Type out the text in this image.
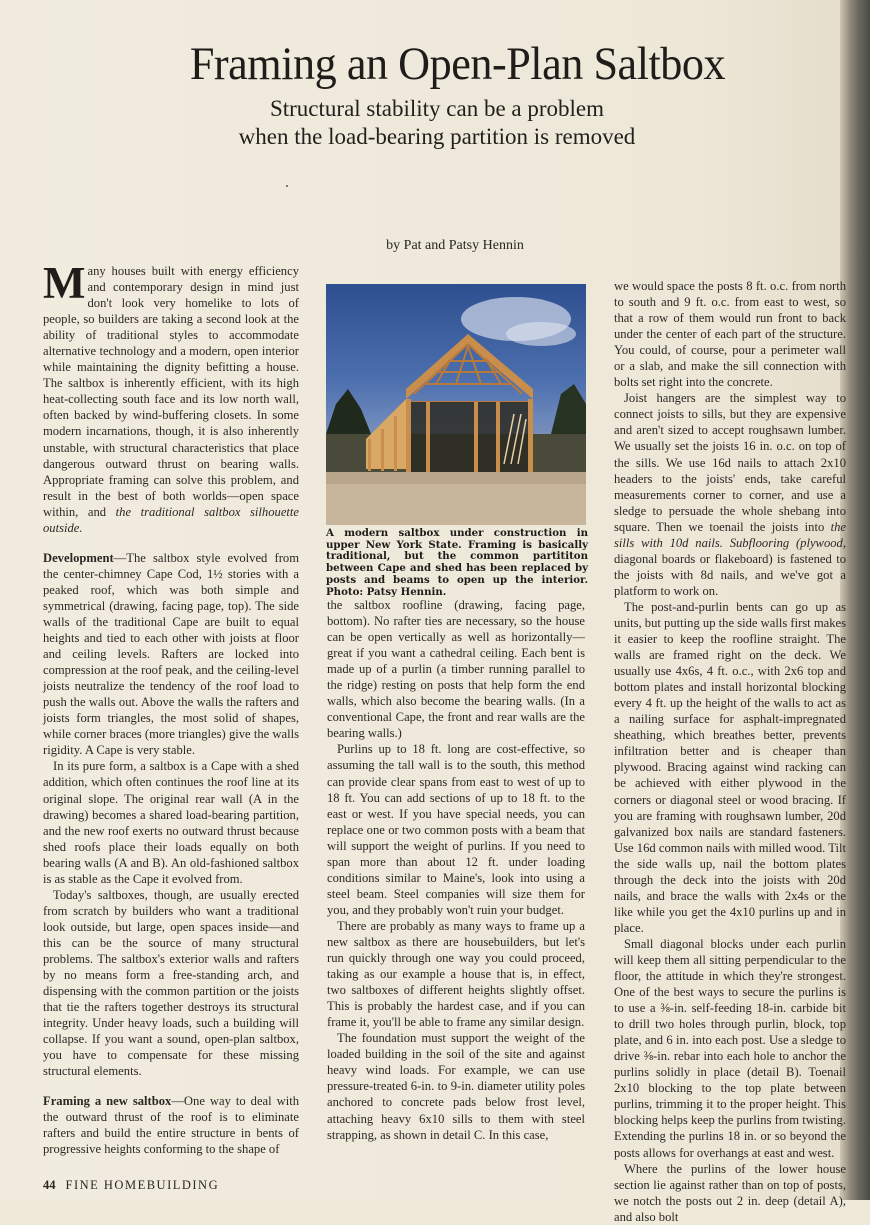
Framing an Open-Plan Saltbox
Structural stability can be a problem
when the load-bearing partition is removed
by Pat and Patsy Hennin

Many houses built with energy efficiency and contemporary design in mind just don't look very homelike to lots of people, so builders are taking a second look at the ability of traditional styles to accommodate alternative technology and a modern, open interior while maintaining the dignity befitting a house. The saltbox is inherently efficient, with its high heat-collecting south face and its low north wall, often backed by wind-buffering closets. In some modern incarnations, though, it is also inherently unstable, with structural characteristics that place dangerous outward thrust on bearing walls. Appropriate framing can solve this problem, and result in the best of both worlds—open space within, and the traditional saltbox silhouette outside.

Development—The saltbox style evolved from the center-chimney Cape Cod, 1½ stories with a peaked roof, which was both simple and symmetrical (drawing, facing page, top). The side walls of the traditional Cape are built to equal heights and tied to each other with joists at floor and ceiling levels. Rafters are locked into compression at the roof peak, and the ceiling-level joists neutralize the tendency of the roof load to push the walls out. Above the walls the rafters and joists form triangles, the most solid of shapes, while corner braces (more triangles) give the walls rigidity. A Cape is very stable.

In its pure form, a saltbox is a Cape with a shed addition, which often continues the roof line at its original slope. The original rear wall (A in the drawing) becomes a shared load-bearing partition, and the new roof exerts no outward thrust because shed roofs place their loads equally on both bearing walls (A and B). An old-fashioned saltbox is as stable as the Cape it evolved from.

Today's saltboxes, though, are usually erected from scratch by builders who want a traditional look outside, but large, open spaces inside—and this can be the source of many structural problems. The saltbox's exterior walls and rafters by no means form a free-standing arch, and dispensing with the common partition or the joists that tie the rafters together destroys its structural integrity. Under heavy loads, such a building will collapse. If you want a sound, open-plan saltbox, you have to compensate for these missing structural elements.

Framing a new saltbox—One way to deal with the outward thrust of the roof is to eliminate rafters and build the entire structure in bents of progressive heights conforming to the shape of

A modern saltbox under construction in upper New York State. Framing is basically traditional, but the common partititon between Cape and shed has been replaced by posts and beams to open up the interior. Photo: Patsy Hennin.

the saltbox roofline (drawing, facing page, bottom). No rafter ties are necessary, so the house can be open vertically as well as horizontally—great if you want a cathedral ceiling. Each bent is made up of a purlin (a timber running parallel to the ridge) resting on posts that help form the end walls, which also become the bearing walls. (In a conventional Cape, the front and rear walls are the bearing walls.)

Purlins up to 18 ft. long are cost-effective, so assuming the tall wall is to the south, this method can provide clear spans from east to west of up to 18 ft. You can add sections of up to 18 ft. to the east or west. If you have special needs, you can replace one or two common posts with a beam that will support the weight of purlins. If you need to span more than about 12 ft. under loading conditions similar to Maine's, look into using a steel beam. Steel companies will size them for you, and they probably won't ruin your budget.

There are probably as many ways to frame up a new saltbox as there are housebuilders, but let's run quickly through one way you could proceed, taking as our example a house that is, in effect, two saltboxes of different heights slightly offset. This is probably the hardest case, and if you can frame it, you'll be able to frame any similar design.

The foundation must support the weight of the loaded building in the soil of the site and against heavy wind loads. For example, we can use pressure-treated 6-in. to 9-in. diameter utility poles anchored to concrete pads below frost level, attaching heavy 6x10 sills to them with steel strapping, as shown in detail C. In this case,

we would space the posts 8 ft. o.c. from north to south and 9 ft. o.c. from east to west, so that a row of them would run front to back under the center of each part of the structure. You could, of course, pour a perimeter wall or a slab, and make the sill connection with bolts set right into the concrete.

Joist hangers are the simplest way to connect joists to sills, but they are expensive and aren't sized to accept roughsawn lumber. We usually set the joists 16 in. o.c. on top of the sills. We use 16d nails to attach 2x10 headers to the joists' ends, take careful measurements corner to corner, and use a sledge to persuade the whole shebang into square. Then we toenail the joists into the sills with 10d nails. Subflooring (plywood, diagonal boards or flakeboard) is fastened to the joists with 8d nails, and we've got a platform to work on.

The post-and-purlin bents can go up as units, but putting up the side walls first makes it easier to keep the roofline straight. The walls are framed right on the deck. We usually use 4x6s, 4 ft. o.c., with 2x6 top and bottom plates and install horizontal blocking every 4 ft. up the height of the walls to act as a nailing surface for asphalt-impregnated sheathing, which breathes better, prevents infiltration better and is cheaper than plywood. Bracing against wind racking can be achieved with either plywood in the corners or diagonal steel or wood bracing. If you are framing with roughsawn lumber, 20d galvanized box nails are standard fasteners. Use 16d common nails with milled wood. Tilt the side walls up, nail the bottom plates through the deck into the joists with 20d nails, and brace the walls with 2x4s or the like while you get the 4x10 purlins up and in place.

Small diagonal blocks under each purlin will keep them all sitting perpendicular to the floor, the attitude in which they're strongest. One of the best ways to secure the purlins is to use a ⅜-in. self-feeding 18-in. carbide bit to drill two holes through purlin, block, top plate, and 6 in. into each post. Use a sledge to drive ⅜-in. rebar into each hole to anchor the purlins solidly in place (detail B). Toenail 2x10 blocking to the top plate between purlins, trimming it to the proper height. This blocking helps keep the purlins from twisting. Extending the purlins 18 in. or so beyond the posts allows for overhangs at east and west.

Where the purlins of the lower house section lie against rather than on top of posts, we notch the posts out 2 in. deep (detail A), and also bolt

44 FINE HOMEBUILDING
